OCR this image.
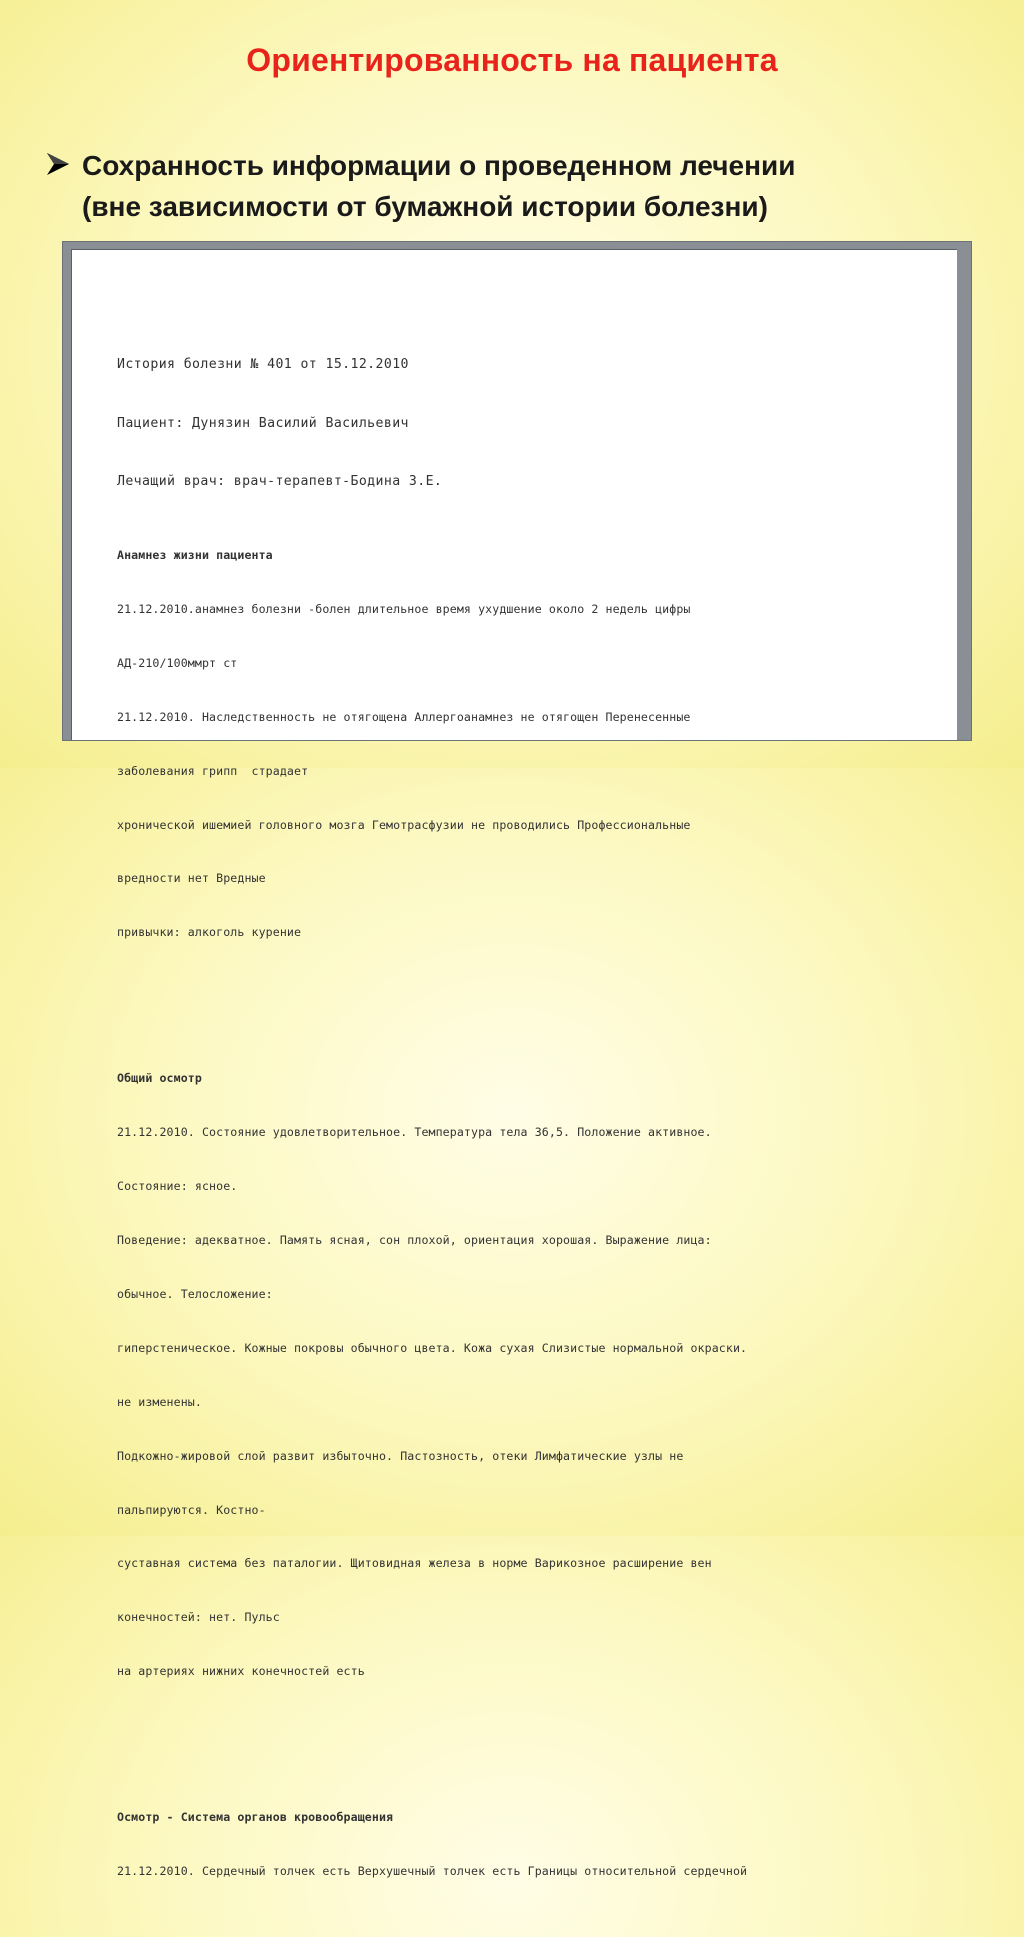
Ориентированность на пациента
Сохранность информации о проведенном лечении
(вне зависимости от бумажной истории болезни)

История болезни № 401 от 15.12.2010

Пациент: Дунязин Василий Васильевич

Лечащий врач: врач-терапевт-Бодина З.Е.

Анамнез жизни пациента

21.12.2010.анамнез болезни -болен длительное время ухудшение около 2 недель цифры

АД-210/100ммрт ст

21.12.2010. Наследственность не отягощена Аллергоанамнез не отягощен Перенесенные

заболевания грипп  страдает

хронической ишемией головного мозга Гемотрасфузии не проводились Профессиональные

вредности нет Вредные

привычки: алкоголь курение

Общий осмотр

21.12.2010. Состояние удовлетворительное. Температура тела 36,5. Положение активное.

Состояние: ясное.

Поведение: адекватное. Память ясная, сон плохой, ориентация хорошая. Выражение лица:

обычное. Телосложение:

гиперстеническое. Кожные покровы обычного цвета. Кожа сухая Слизистые нормальной окраски.

не изменены.

Подкожно-жировой слой развит избыточно. Пастозность, отеки Лимфатические узлы не

пальпируются. Костно-

суставная система без паталогии. Щитовидная железа в норме Варикозное расширение вен

конечностей: нет. Пульс

на артериях нижних конечностей есть

Осмотр - Система органов кровообращения

21.12.2010. Сердечный толчек есть Верхушечный толчек есть Границы относительной сердечной
